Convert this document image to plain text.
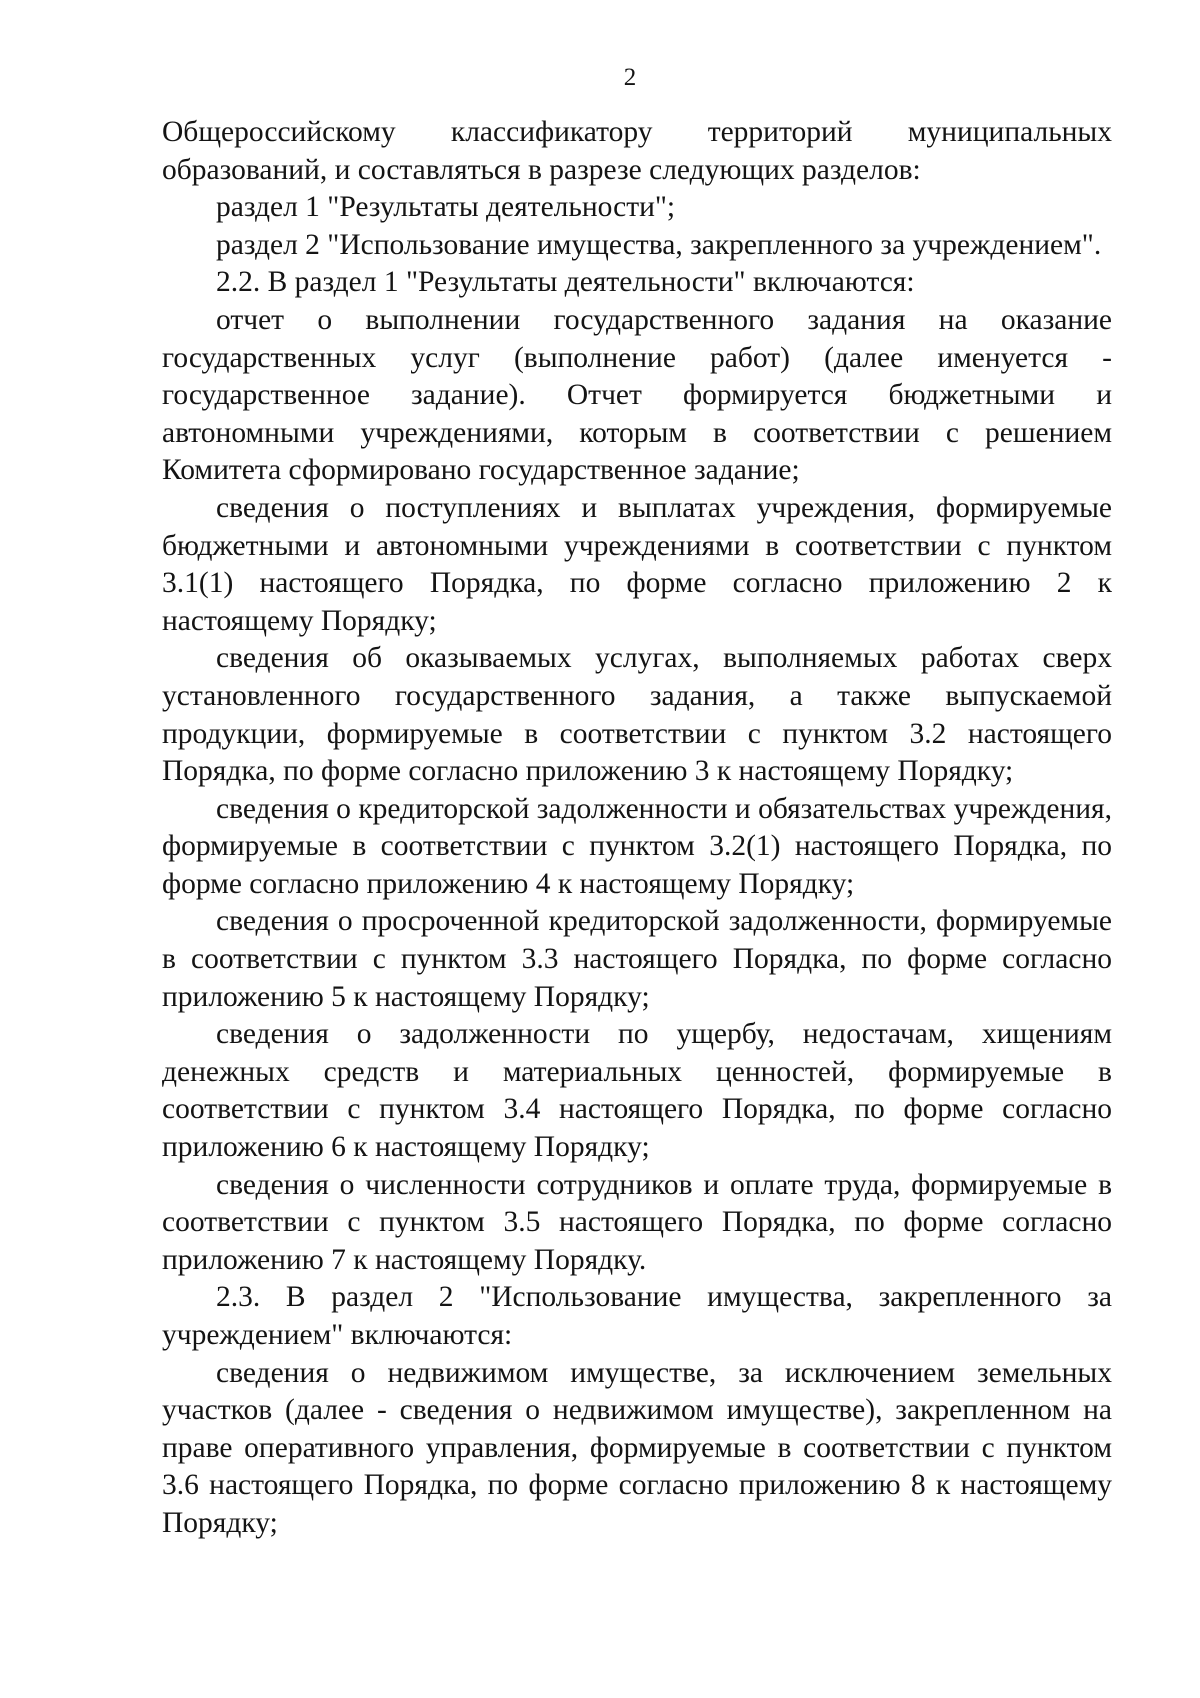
2

Общероссийскому классификатору территорий муниципальных образований, и составляться в разрезе следующих разделов:

раздел 1 "Результаты деятельности";

раздел 2 "Использование имущества, закрепленного за учреждением".

2.2. В раздел 1 "Результаты деятельности" включаются:

отчет о выполнении государственного задания на оказание государственных услуг (выполнение работ) (далее именуется - государственное задание). Отчет формируется бюджетными и автономными учреждениями, которым в соответствии с решением Комитета сформировано государственное задание;

сведения о поступлениях и выплатах учреждения, формируемые бюджетными и автономными учреждениями в соответствии с пунктом 3.1(1) настоящего Порядка, по форме согласно приложению 2 к настоящему Порядку;

сведения об оказываемых услугах, выполняемых работах сверх установленного государственного задания, а также выпускаемой продукции, формируемые в соответствии с пунктом 3.2 настоящего Порядка, по форме согласно приложению 3 к настоящему Порядку;

сведения о кредиторской задолженности и обязательствах учреждения, формируемые в соответствии с пунктом 3.2(1) настоящего Порядка, по форме согласно приложению 4 к настоящему Порядку;

сведения о просроченной кредиторской задолженности, формируемые в соответствии с пунктом 3.3 настоящего Порядка, по форме согласно приложению 5 к настоящему Порядку;

сведения о задолженности по ущербу, недостачам, хищениям денежных средств и материальных ценностей, формируемые в соответствии с пунктом 3.4 настоящего Порядка, по форме согласно приложению 6 к настоящему Порядку;

сведения о численности сотрудников и оплате труда, формируемые в соответствии с пунктом 3.5 настоящего Порядка, по форме согласно приложению 7 к настоящему Порядку.

2.3. В раздел 2 "Использование имущества, закрепленного за учреждением" включаются:

сведения о недвижимом имуществе, за исключением земельных участков (далее - сведения о недвижимом имуществе), закрепленном на праве оперативного управления, формируемые в соответствии с пунктом 3.6 настоящего Порядка, по форме согласно приложению 8 к настоящему Порядку;
